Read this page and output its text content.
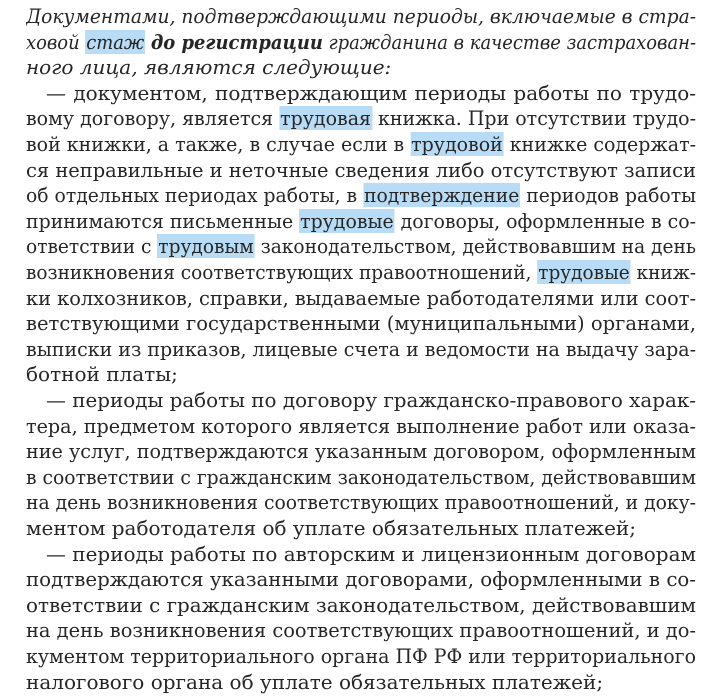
Документами, подтверждающими периоды, включаемые в стра-
ховой стаж до регистрации гражданина в качестве застрахован-
ного лица, являются следующие:
— документом, подтверждающим периоды работы по трудо-
вому договору, является трудовая книжка. При отсутствии трудо-
вой книжки, а также, в случае если в трудовой книжке содержат-
ся неправильные и неточные сведения либо отсутствуют записи
об отдельных периодах работы, в подтверждение периодов работы
принимаются письменные трудовые договоры, оформленные в со-
ответствии с трудовым законодательством, действовавшим на день
возникновения соответствующих правоотношений, трудовые книж-
ки колхозников, справки, выдаваемые работодателями или соот-
ветствующими государственными (муниципальными) органами,
выписки из приказов, лицевые счета и ведомости на выдачу зара-
ботной платы;
— периоды работы по договору гражданско-правового харак-
тера, предметом которого является выполнение работ или оказа-
ние услуг, подтверждаются указанным договором, оформленным
в соответствии с гражданским законодательством, действовавшим
на день возникновения соответствующих правоотношений, и доку-
ментом работодателя об уплате обязательных платежей;
— периоды работы по авторским и лицензионным договорам
подтверждаются указанными договорами, оформленными в со-
ответствии с гражданским законодательством, действовавшим
на день возникновения соответствующих правоотношений, и до-
кументом территориального органа ПФ РФ или территориального
налогового органа об уплате обязательных платежей;
